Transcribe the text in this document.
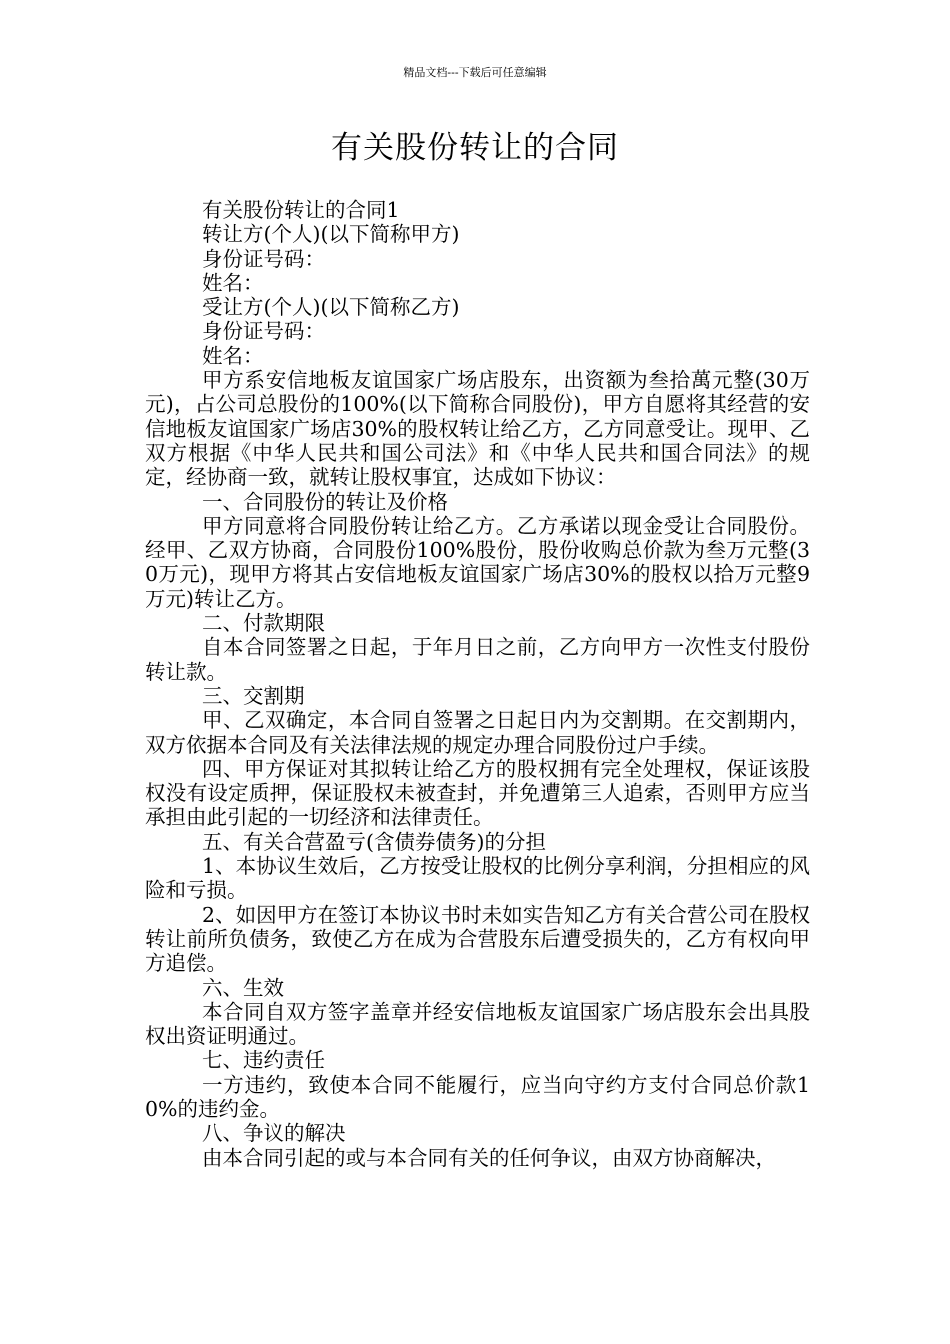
精品文档---下载后可任意编辑
有关股份转让的合同

有关股份转让的合同1

转让方(个人)(以下简称甲方)

身份证号码：

姓名：

受让方(个人)(以下简称乙方)

身份证号码：

姓名：

甲方系安信地板友谊国家广场店股东，出资额为叁拾萬元整(30万元)，占公司总股份的100%(以下简称合同股份)，甲方自愿将其经营的安信地板友谊国家广场店30%的股权转让给乙方，乙方同意受让。现甲、乙双方根据《中华人民共和国公司法》和《中华人民共和国合同法》的规定，经协商一致，就转让股权事宜，达成如下协议：

一、合同股份的转让及价格

甲方同意将合同股份转让给乙方。乙方承诺以现金受让合同股份。经甲、乙双方协商，合同股份100%股份，股份收购总价款为叁万元整(30万元)，现甲方将其占安信地板友谊国家广场店30%的股权以拾万元整9万元)转让乙方。

二、付款期限

自本合同签署之日起，于年月日之前，乙方向甲方一次性支付股份转让款。

三、交割期

甲、乙双确定，本合同自签署之日起日内为交割期。在交割期内，双方依据本合同及有关法律法规的规定办理合同股份过户手续。

四、甲方保证对其拟转让给乙方的股权拥有完全处理权，保证该股权没有设定质押，保证股权未被查封，并免遭第三人追索，否则甲方应当承担由此引起的一切经济和法律责任。

五、有关合营盈亏(含债券债务)的分担

1、本协议生效后，乙方按受让股权的比例分享利润，分担相应的风险和亏损。

2、如因甲方在签订本协议书时未如实告知乙方有关合营公司在股权转让前所负债务，致使乙方在成为合营股东后遭受损失的，乙方有权向甲方追偿。

六、生效

本合同自双方签字盖章并经安信地板友谊国家广场店股东会出具股权出资证明通过。

七、违约责任

一方违约，致使本合同不能履行，应当向守约方支付合同总价款10%的违约金。

八、争议的解决

由本合同引起的或与本合同有关的任何争议，由双方协商解决，
